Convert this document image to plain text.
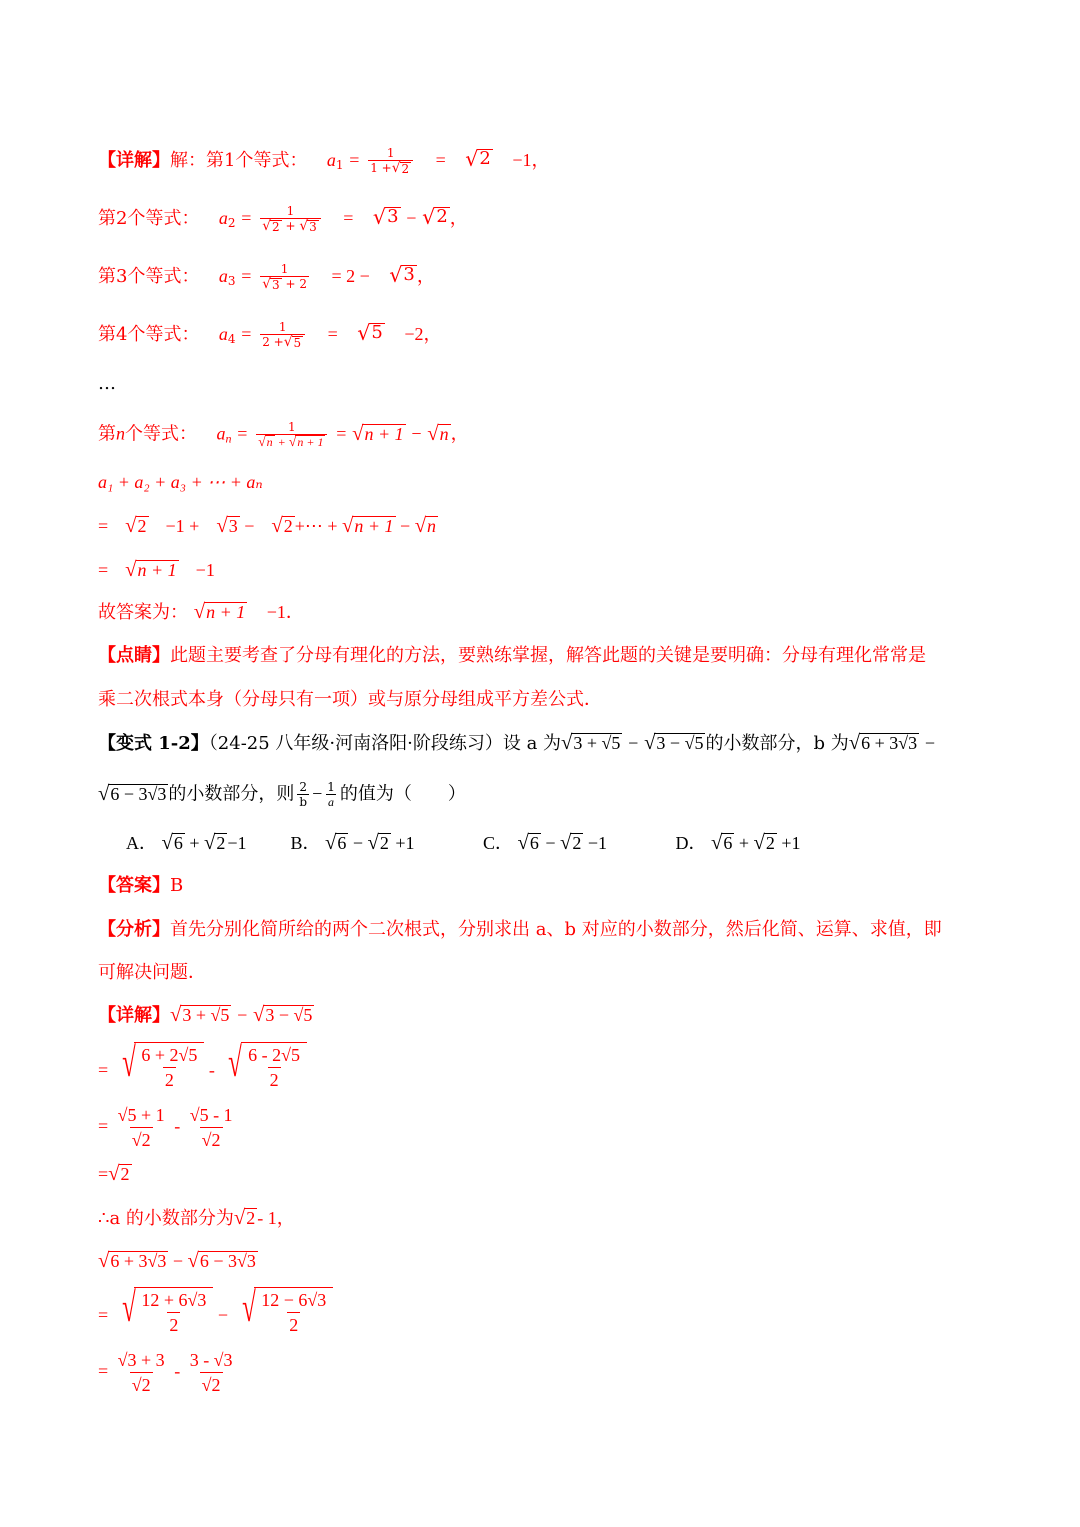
【详解】解：第1个等式： $a_1 = \frac{1}{1 + √ 2}$ = √ 2 −1，
第2个等式： $a_2 = \frac{1}{√ 2 + √ 3}$ = √ 3 − √ 2 ，
第3个等式： $a_3 = \frac{1}{√ 3 + 2} = 2$ − √ 3 ，
第4个等式： $a_4 = \frac{1}{2 + √ 5}$ = √ 5 −2，
…
第n个等式： $a_n = \frac{1}{√ n + √ n + 1}$ = √ n + 1 − √ n ，
a₁ + a₂ + a₃ + ⋯ + aₙ
= √ 2 −1 + √ 3 − √ 2 +⋯ + √ n + 1 − √ n
= √ n + 1 −1
故答案为： √ n + 1 −1．
【点睛】此题主要考查了分母有理化的方法，要熟练掌握，解答此题的关键是要明确：分母有理化常常是
乘二次根式本身（分母只有一项）或与原分母组成平方差公式．
【变式 1-2】（24-25 八年级·河南洛阳·阶段练习）设 a 为 √ 3 + √5 − √ 3 − √5 的小数部分，b 为 √ 6 + 3√3 −
√ 6 − 3√3 的小数部分，则 $\frac{2}{b} - \frac{1}{a}$ 的值为（　　）
A． √ 6 + √ 2 −1 B． √ 6 − √ 2 +1	C． √ 6 − √ 2 −1	D． √ 6 + √ 2 +1
【答案】B
【分析】首先分别化简所给的两个二次根式，分别求出 a、b 对应的小数部分，然后化简、运算、求值，即
可解决问题．
【详解】 √ 3 + √5 − √ 3 − √5
= √ $\frac{6 + 2√5}{2}$ - √ $\frac{6 - 2√5}{2}$
= $\frac{√5 + 1}{√2} - \frac{√5 - 1}{√2}$
= √ 2
∴a 的小数部分为 √ 2 - 1，
√ 6 + 3√3 − √ 6 − 3√3
= √ $\frac{12 + 6√3}{2}$ − √ $\frac{12 - 6√3}{2}$
= $\frac{√3 + 3}{√2} - \frac{3 - √3}{√2}$
